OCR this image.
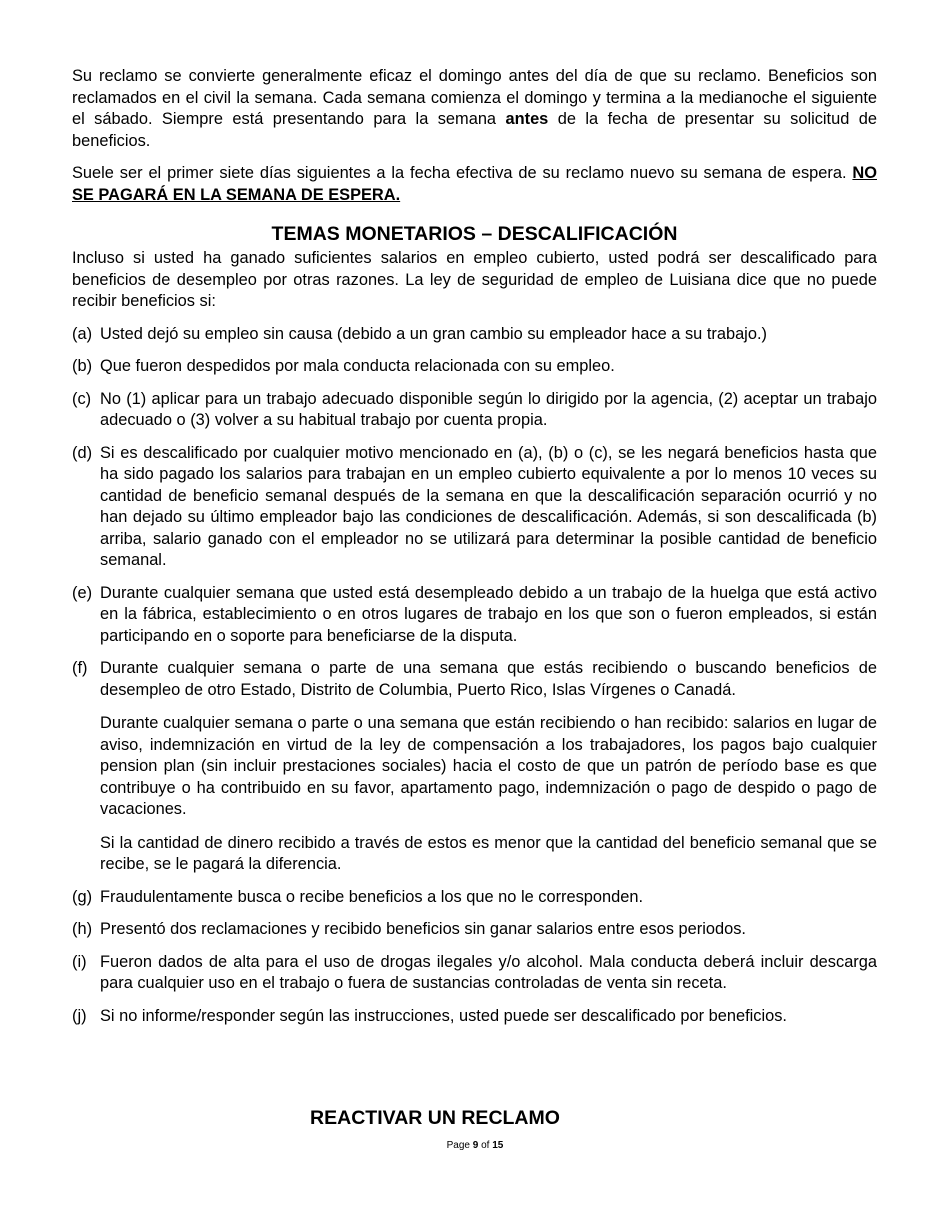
Su reclamo se convierte generalmente eficaz el domingo antes del día de que su reclamo. Beneficios son reclamados en el civil la semana. Cada semana comienza el domingo y termina a la medianoche el siguiente el sábado. Siempre está presentando para la semana antes de la fecha de presentar su solicitud de beneficios.

Suele ser el primer siete días siguientes a la fecha efectiva de su reclamo nuevo su semana de espera. NO SE PAGARÁ EN LA SEMANA DE ESPERA.

TEMAS MONETARIOS – DESCALIFICACIÓN

Incluso si usted ha ganado suficientes salarios en empleo cubierto, usted podrá ser descalificado para beneficios de desempleo por otras razones. La ley de seguridad de empleo de Luisiana dice que no puede recibir beneficios si:

(a) Usted dejó su empleo sin causa (debido a un gran cambio su empleador hace a su trabajo.)
(b) Que fueron despedidos por mala conducta relacionada con su empleo.
(c) No (1) aplicar para un trabajo adecuado disponible según lo dirigido por la agencia, (2) aceptar un trabajo adecuado o (3) volver a su habitual trabajo por cuenta propia.
(d) Si es descalificado por cualquier motivo mencionado en (a), (b) o (c), se les negará beneficios hasta que ha sido pagado los salarios para trabajan en un empleo cubierto equivalente a por lo menos 10 veces su cantidad de beneficio semanal después de la semana en que la descalificación separación ocurrió y no han dejado su último empleador bajo las condiciones de descalificación. Además, si son descalificada (b) arriba, salario ganado con el empleador no se utilizará para determinar la posible cantidad de beneficio semanal.
(e) Durante cualquier semana que usted está desempleado debido a un trabajo de la huelga que está activo en la fábrica, establecimiento o en otros lugares de trabajo en los que son o fueron empleados, si están participando en o soporte para beneficiarse de la disputa.
(f) Durante cualquier semana o parte de una semana que estás recibiendo o buscando beneficios de desempleo de otro Estado, Distrito de Columbia, Puerto Rico, Islas Vírgenes o Canadá.

Durante cualquier semana o parte o una semana que están recibiendo o han recibido: salarios en lugar de aviso, indemnización en virtud de la ley de compensación a los trabajadores, los pagos bajo cualquier pension plan (sin incluir prestaciones sociales) hacia el costo de que un patrón de período base es que contribuye o ha contribuido en su favor, apartamento pago, indemnización o pago de despido o pago de vacaciones.

Si la cantidad de dinero recibido a través de estos es menor que la cantidad del beneficio semanal que se recibe, se le pagará la diferencia.

(g) Fraudulentamente busca o recibe beneficios a los que no le corresponden.
(h) Presentó dos reclamaciones y recibido beneficios sin ganar salarios entre esos periodos.
(i) Fueron dados de alta para el uso de drogas ilegales y/o alcohol. Mala conducta deberá incluir descarga para cualquier uso en el trabajo o fuera de sustancias controladas de venta sin receta.
(j) Si no informe/responder según las instrucciones, usted puede ser descalificado por beneficios.
REACTIVAR UN RECLAMO
Page 9 of 15
